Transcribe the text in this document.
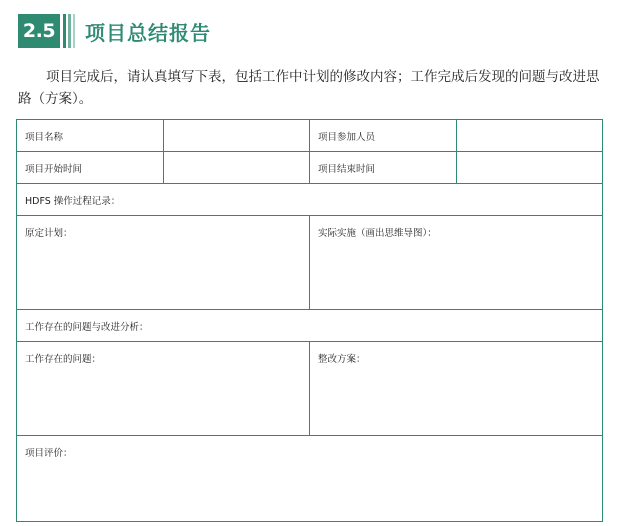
2.5 项目总结报告

项目完成后，请认真填写下表，包括工作中计划的修改内容；工作完成后发现的问题与改进思路（方案）。

项目名称		项目参加人员	
项目开始时间		项目结束时间	
HDFS 操作过程记录：			
原定计划：		实际实施（画出思维导图）：	
工作存在的问题与改进分析：			
工作存在的问题：		整改方案：	
项目评价：			
